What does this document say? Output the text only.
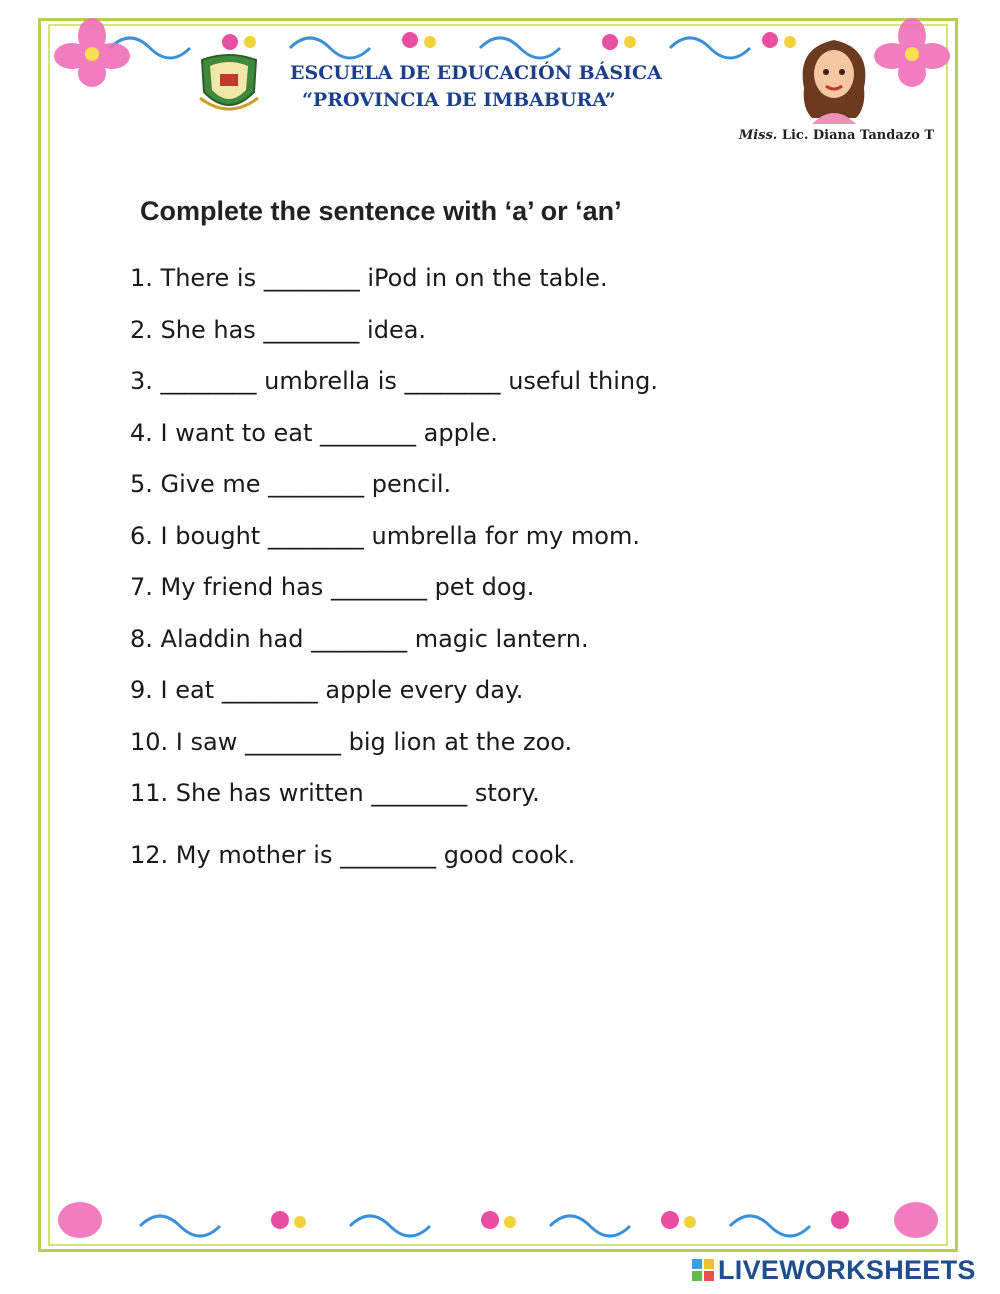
ESCUELA DE EDUCACIÓN BÁSICA
“PROVINCIA DE IMBABURA”
Miss. Lic. Diana Tandazo T
Complete the sentence with ‘a’ or ‘an’
1. There is ________ iPod in on the table.
2. She has ________ idea.
3. ________ umbrella is ________ useful thing.
4. I want to eat ________ apple.
5. Give me ________ pencil.
6. I bought ________ umbrella for my mom.
7. My friend has ________ pet dog.
8. Aladdin had ________ magic lantern.
9. I eat ________ apple every day.
10. I saw ________ big lion at the zoo.
11. She has written ________ story.
12. My mother is ________ good cook.
LIVEWORKSHEETS
